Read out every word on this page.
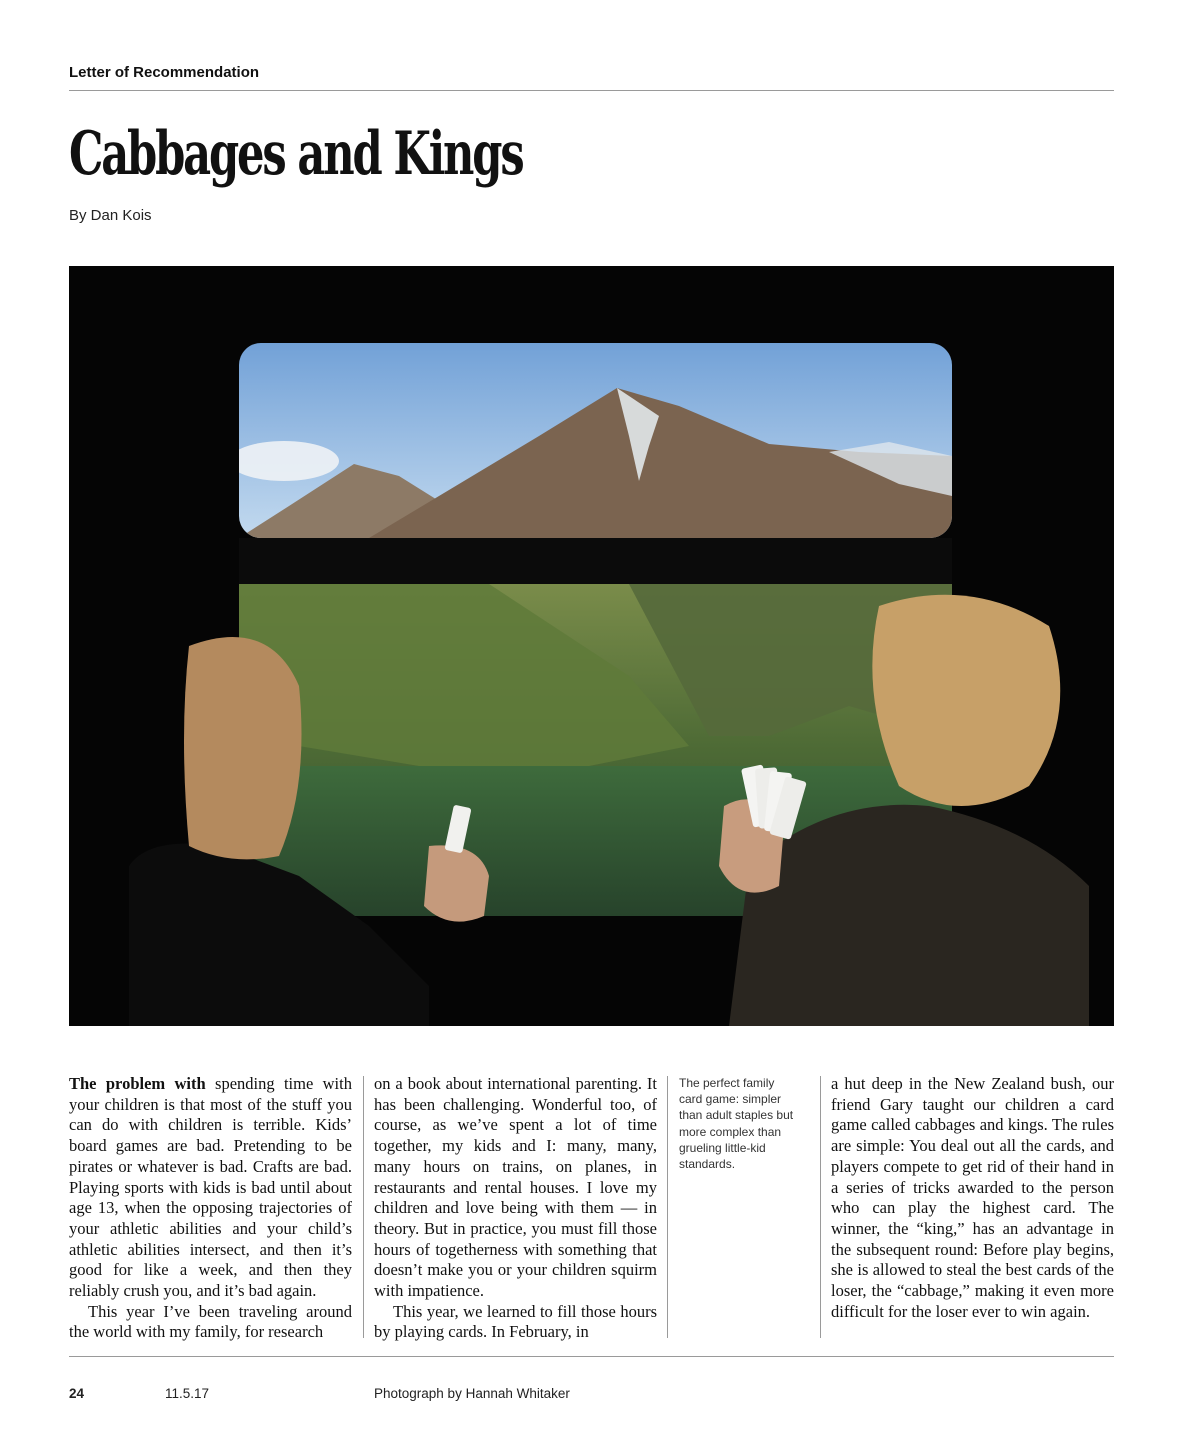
Letter of Recommendation
Cabbages and Kings
By Dan Kois

The problem with spending time with your children is that most of the stuff you can do with children is terrible. Kids’ board games are bad. Pretending to be pirates or whatever is bad. Crafts are bad. Playing sports with kids is bad until about age 13, when the opposing trajectories of your athletic abilities and your child’s athletic abilities intersect, and then it’s good for like a week, and then they reliably crush you, and it’s bad again.

This year I’ve been traveling around the world with my family, for research

on a book about international parenting. It has been challenging. Wonderful too, of course, as we’ve spent a lot of time together, my kids and I: many, many, many hours on trains, on planes, in restaurants and rental houses. I love my children and love being with them — in theory. But in practice, you must fill those hours of togetherness with something that doesn’t make you or your children squirm with impatience.

This year, we learned to fill those hours by playing cards. In February, in

The perfect family card game: simpler than adult staples but more complex than grueling little-kid standards.

a hut deep in the New Zealand bush, our friend Gary taught our children a card game called cabbages and kings. The rules are simple: You deal out all the cards, and players compete to get rid of their hand in a series of tricks awarded to the person who can play the highest card. The winner, the “king,” has an advantage in the subsequent round: Before play begins, she is allowed to steal the best cards of the loser, the “cabbage,” making it even more difficult for the loser ever to win again.

24	11.5.17	Photograph by Hannah Whitaker
